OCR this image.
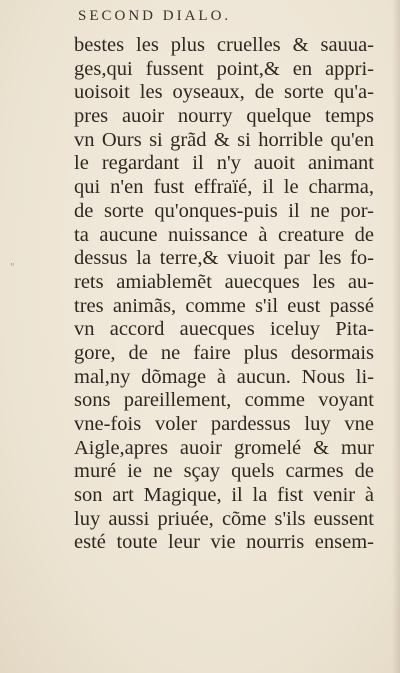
SECOND DIALO.
"
bestes les plus cruelles & sauua-
ges,qui fussent point,& en appri-
uoisoit les oyseaux, de sorte qu'a-
pres auoir nourry quelque temps
vn Ours si grãd & si horrible qu'en
le regardant il n'y auoit animant
qui n'en fust effraïé, il le charma,
de sorte qu'onques-puis il ne por-
ta aucune nuissance à creature de
dessus la terre,& viuoit par les fo-
rets amiablemẽt auecques les au-
tres animãs, comme s'il eust passé
vn accord auecques iceluy Pita-
gore, de ne faire plus desormais
mal,ny dõmage à aucun. Nous li-
sons pareillement, comme voyant
vne-fois voler pardessus luy vne
Aigle,apres auoir gromelé & mur
muré ie ne sçay quels carmes de
son art Magique, il la fist venir à
luy aussi priuée, cõme s'ils eussent
esté toute leur vie nourris ensem-
